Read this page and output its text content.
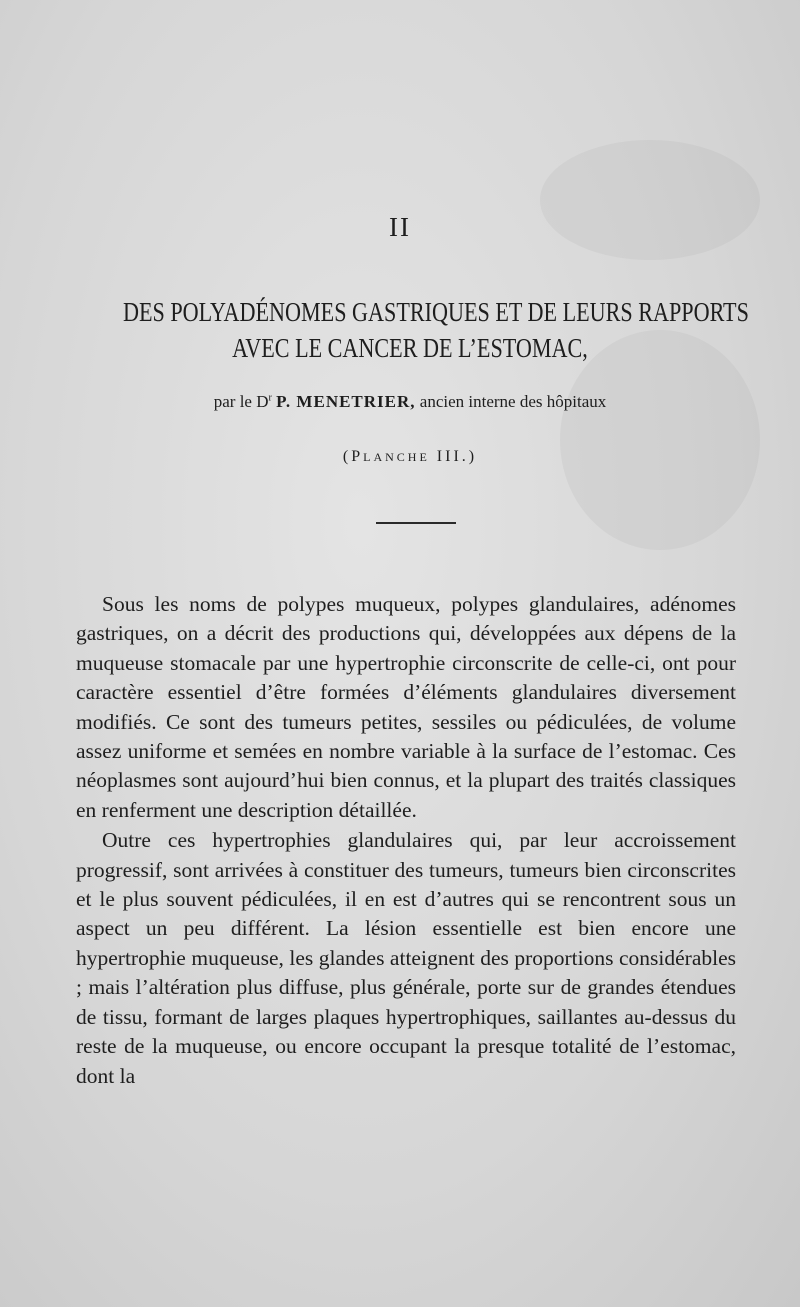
II
DES POLYADÉNOMES GASTRIQUES ET DE LEURS RAPPORTS
AVEC LE CANCER DE L’ESTOMAC,
par le $D^r$ P. MENETRIER, ancien interne des hôpitaux
(PLANCHE III.)

Sous les noms de polypes muqueux, polypes glandulaires, adénomes gastriques, on a décrit des productions qui, développées aux dépens de la muqueuse stomacale par une hypertrophie circonscrite de celle-ci, ont pour caractère essentiel d’être formées d’éléments glandulaires diversement modifiés. Ce sont des tumeurs petites, sessiles ou pédiculées, de volume assez uniforme et semées en nombre variable à la surface de l’estomac. Ces néoplasmes sont aujourd’hui bien connus, et la plupart des traités classiques en renferment une description détaillée.

Outre ces hypertrophies glandulaires qui, par leur accroissement progressif, sont arrivées à constituer des tumeurs, tumeurs bien circonscrites et le plus souvent pédiculées, il en est d’autres qui se rencontrent sous un aspect un peu différent. La lésion essentielle est bien encore une hypertrophie muqueuse, les glandes atteignent des proportions considérables ; mais l’altération plus diffuse, plus générale, porte sur de grandes étendues de tissu, formant de larges plaques hypertrophiques, saillantes au-dessus du reste de la muqueuse, ou encore occupant la presque totalité de l’estomac, dont la
